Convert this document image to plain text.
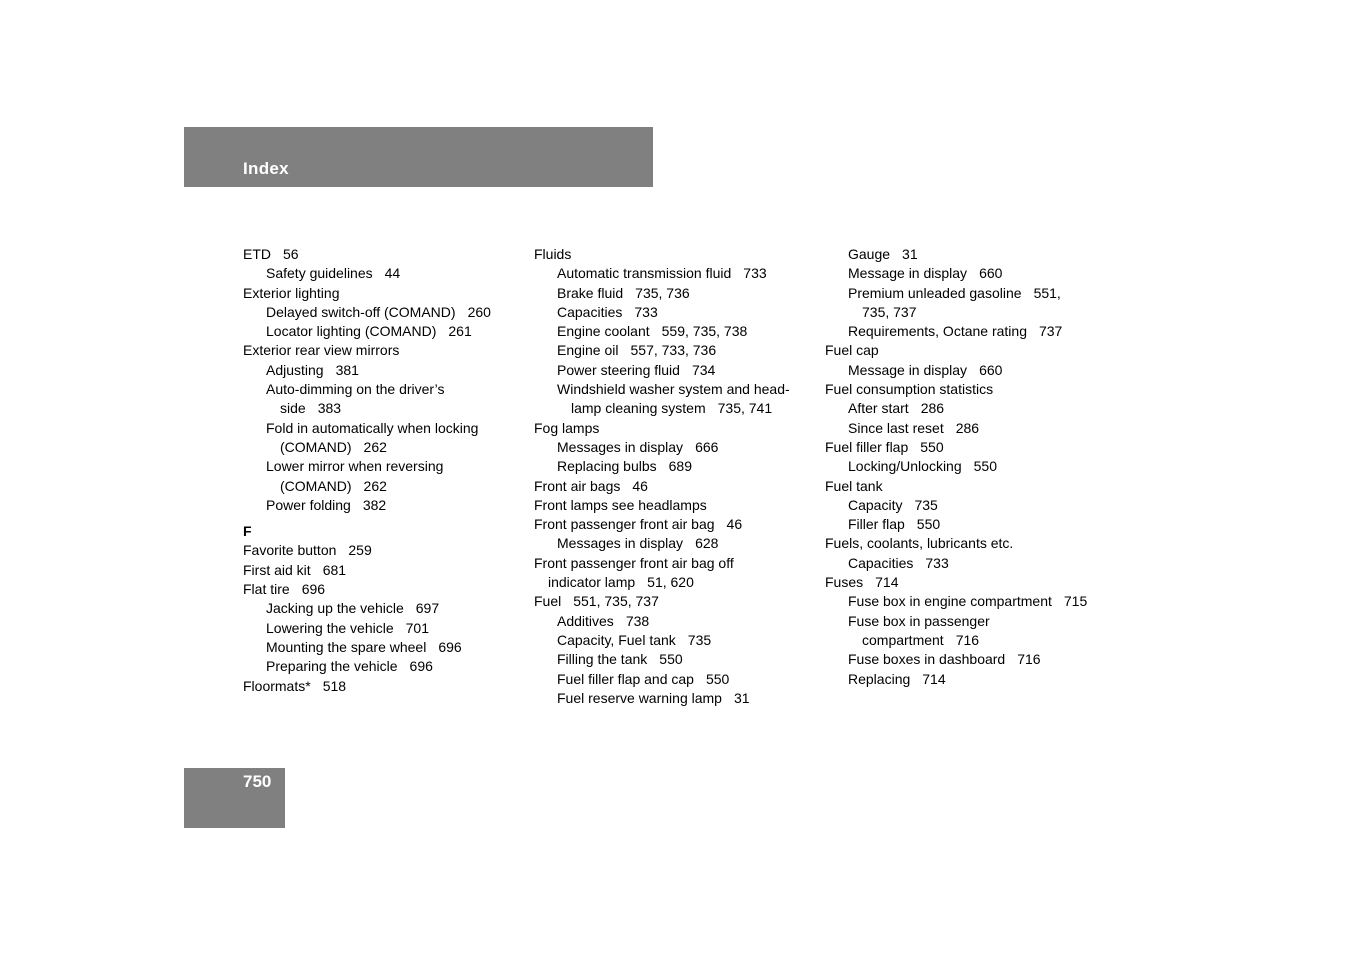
Index
ETD 56
Safety guidelines 44
Exterior lighting
Delayed switch-off (COMAND) 260
Locator lighting (COMAND) 261
Exterior rear view mirrors
Adjusting 381
Auto-dimming on the driver’s
side 383
Fold in automatically when locking
(COMAND) 262
Lower mirror when reversing
(COMAND) 262
Power folding 382
F
Favorite button 259
First aid kit 681
Flat tire 696
Jacking up the vehicle 697
Lowering the vehicle 701
Mounting the spare wheel 696
Preparing the vehicle 696
Floormats* 518
Fluids
Automatic transmission fluid 733
Brake fluid 735, 736
Capacities 733
Engine coolant 559, 735, 738
Engine oil 557, 733, 736
Power steering fluid 734
Windshield washer system and head-
lamp cleaning system 735, 741
Fog lamps
Messages in display 666
Replacing bulbs 689
Front air bags 46
Front lamps see headlamps
Front passenger front air bag 46
Messages in display 628
Front passenger front air bag off
indicator lamp 51, 620
Fuel 551, 735, 737
Additives 738
Capacity, Fuel tank 735
Filling the tank 550
Fuel filler flap and cap 550
Fuel reserve warning lamp 31
Gauge 31
Message in display 660
Premium unleaded gasoline 551,
735, 737
Requirements, Octane rating 737
Fuel cap
Message in display 660
Fuel consumption statistics
After start 286
Since last reset 286
Fuel filler flap 550
Locking/Unlocking 550
Fuel tank
Capacity 735
Filler flap 550
Fuels, coolants, lubricants etc.
Capacities 733
Fuses 714
Fuse box in engine compartment 715
Fuse box in passenger
compartment 716
Fuse boxes in dashboard 716
Replacing 714
750
